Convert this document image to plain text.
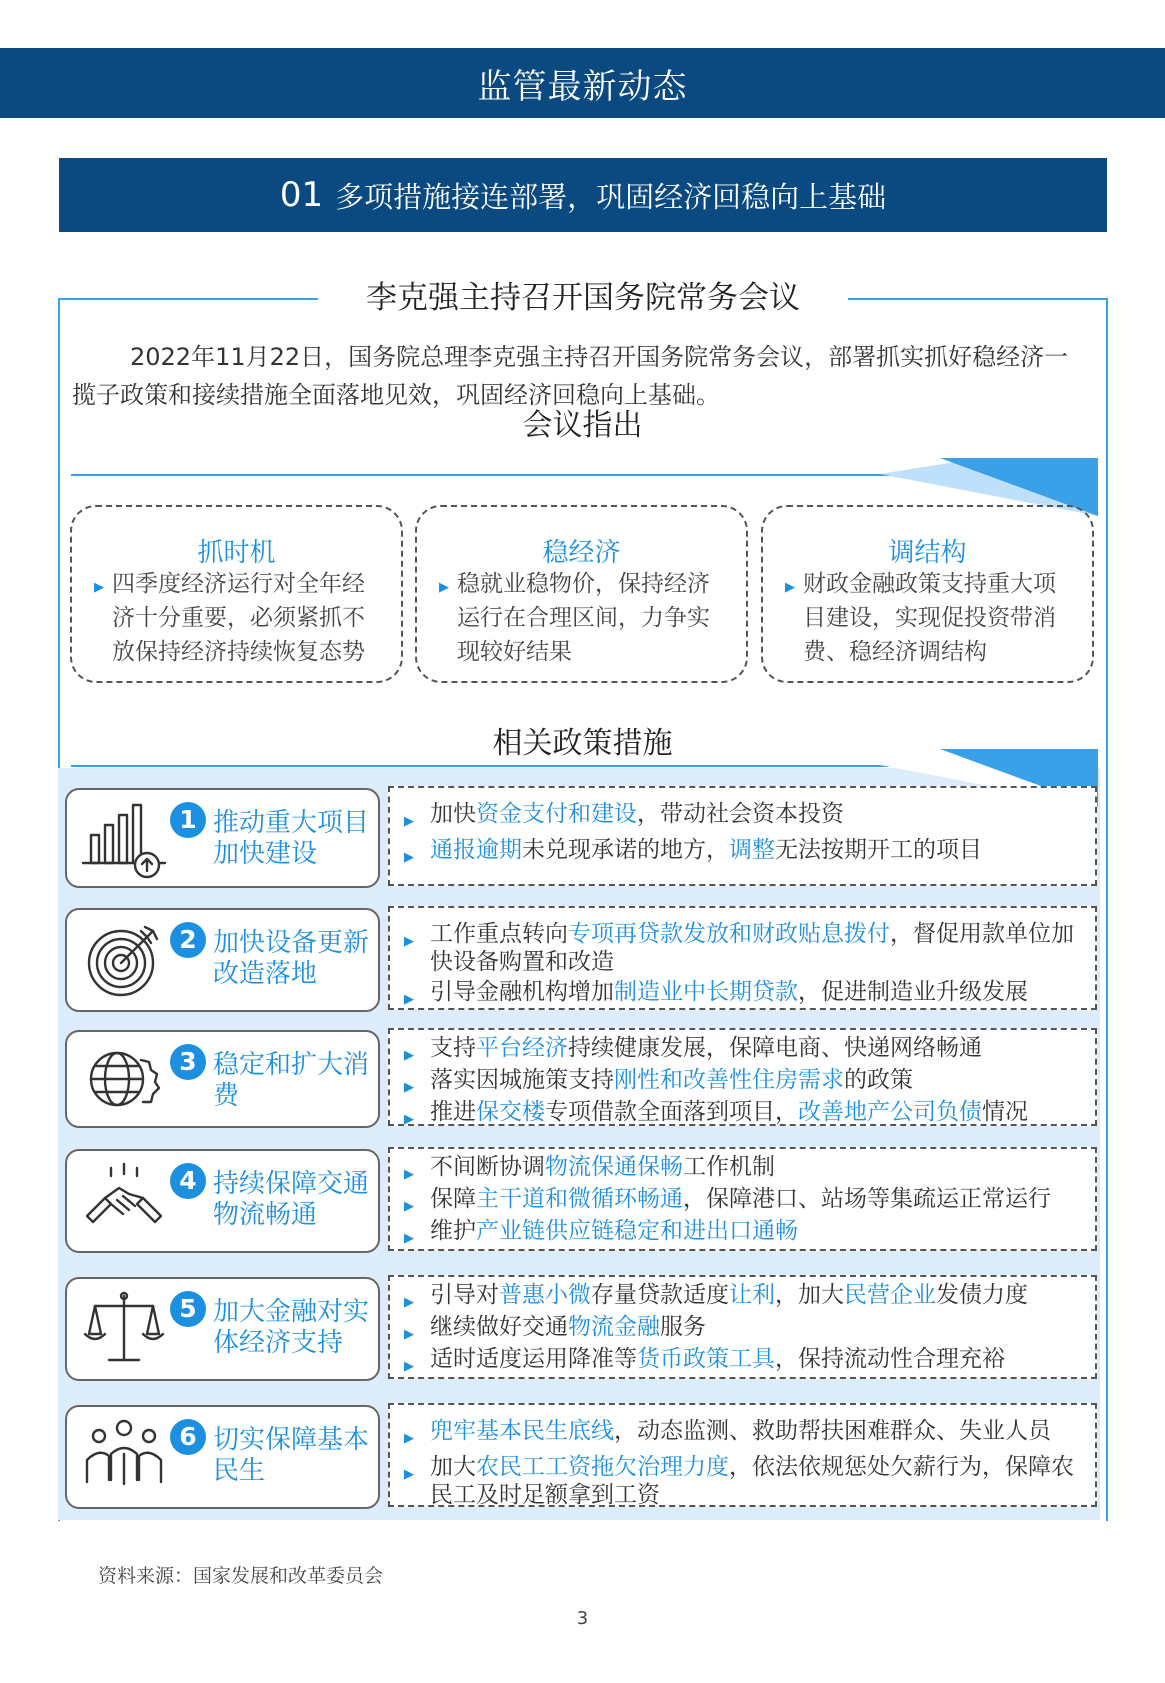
监管最新动态
01 多项措施接连部署，巩固经济回稳向上基础
李克强主持召开国务院常务会议
2022年11月22日，国务院总理李克强主持召开国务院常务会议，部署抓实抓好稳经济一揽子政策和接续措施全面落地见效，巩固经济回稳向上基础。
会议指出
抓时机
▶ 四季度经济运行对全年经济十分重要，必须紧抓不放保持经济持续恢复态势
稳经济
▶ 稳就业稳物价，保持经济运行在合理区间，力争实现较好结果
调结构
▶ 财政金融政策支持重大项目建设，实现促投资带消费、稳经济调结构
相关政策措施
1 推动重大项目加快建设
▶ 加快资金支付和建设，带动社会资本投资
▶ 通报逾期未兑现承诺的地方，调整无法按期开工的项目
2 加快设备更新改造落地
▶ 工作重点转向专项再贷款发放和财政贴息拨付，督促用款单位加快设备购置和改造
▶ 引导金融机构增加制造业中长期贷款，促进制造业升级发展
3 稳定和扩大消费
▶ 支持平台经济持续健康发展，保障电商、快递网络畅通
▶ 落实因城施策支持刚性和改善性住房需求的政策
▶ 推进保交楼专项借款全面落到项目，改善地产公司负债情况
4 持续保障交通物流畅通
▶ 不间断协调物流保通保畅工作机制
▶ 保障主干道和微循环畅通，保障港口、站场等集疏运正常运行
▶ 维护产业链供应链稳定和进出口通畅
5 加大金融对实体经济支持
▶ 引导对普惠小微存量贷款适度让利，加大民营企业发债力度
▶ 继续做好交通物流金融服务
▶ 适时适度运用降准等货币政策工具，保持流动性合理充裕
6 切实保障基本民生
▶ 兜牢基本民生底线，动态监测、救助帮扶困难群众、失业人员
▶ 加大农民工工资拖欠治理力度，依法依规惩处欠薪行为，保障农民工及时足额拿到工资
资料来源：国家发展和改革委员会
3
